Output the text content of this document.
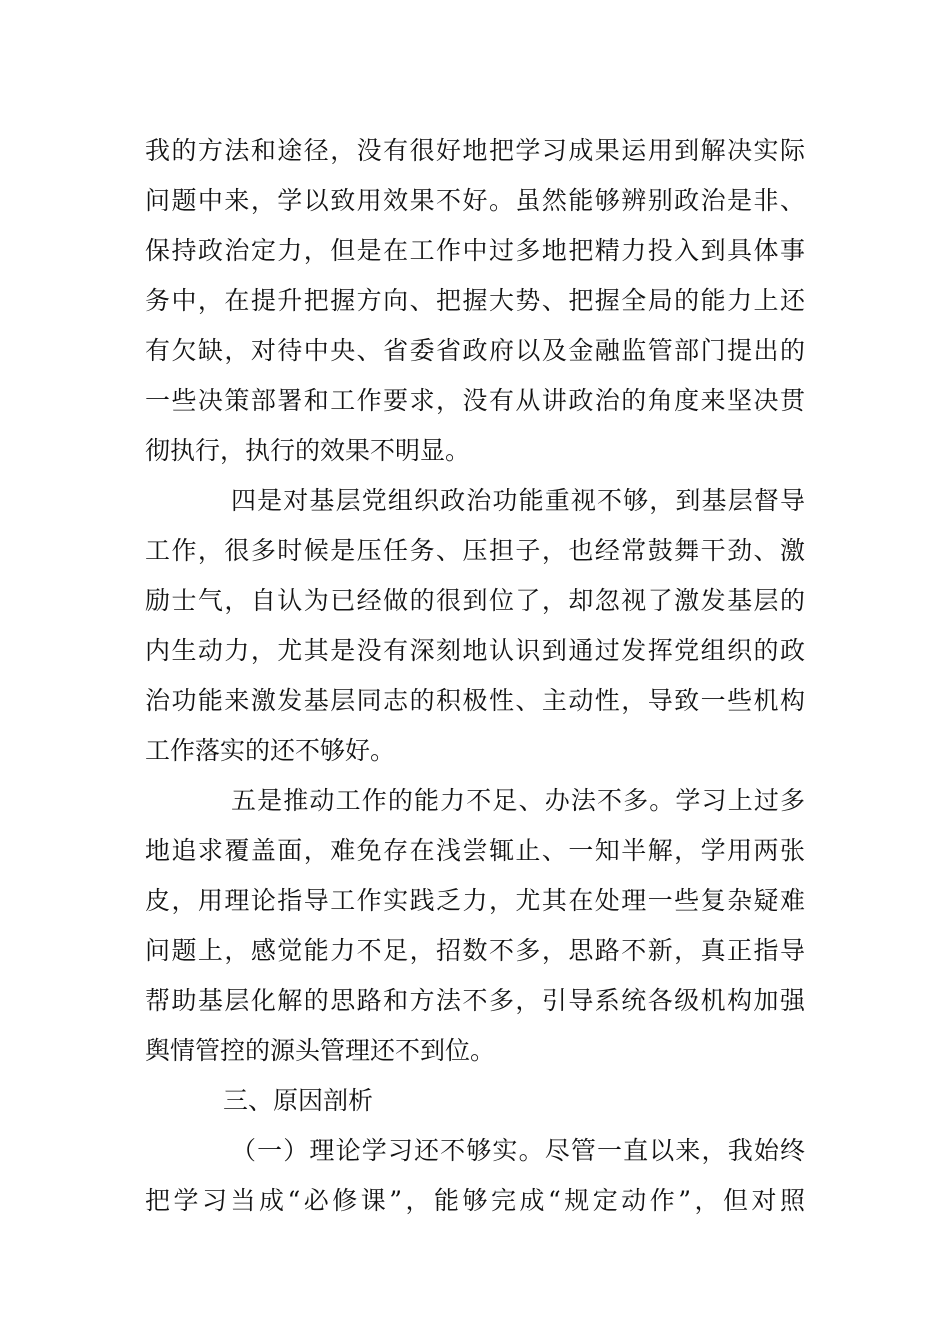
我的方法和途径，没有很好地把学习成果运用到解决实际
问题中来，学以致用效果不好。虽然能够辨别政治是非、
保持政治定力，但是在工作中过多地把精力投入到具体事
务中，在提升把握方向、把握大势、把握全局的能力上还
有欠缺，对待中央、省委省政府以及金融监管部门提出的
一些决策部署和工作要求，没有从讲政治的角度来坚决贯
彻执行，执行的效果不明显。
四是对基层党组织政治功能重视不够，到基层督导
工作，很多时候是压任务、压担子，也经常鼓舞干劲、激
励士气，自认为已经做的很到位了，却忽视了激发基层的
内生动力，尤其是没有深刻地认识到通过发挥党组织的政
治功能来激发基层同志的积极性、主动性，导致一些机构
工作落实的还不够好。
五是推动工作的能力不足、办法不多。学习上过多
地追求覆盖面，难免存在浅尝辄止、一知半解，学用两张
皮，用理论指导工作实践乏力，尤其在处理一些复杂疑难
问题上，感觉能力不足，招数不多，思路不新，真正指导
帮助基层化解的思路和方法不多，引导系统各级机构加强
舆情管控的源头管理还不到位。
三、原因剖析
（一）理论学习还不够实。尽管一直以来，我始终
把学习当成“必修课”，能够完成“规定动作”，但对照
